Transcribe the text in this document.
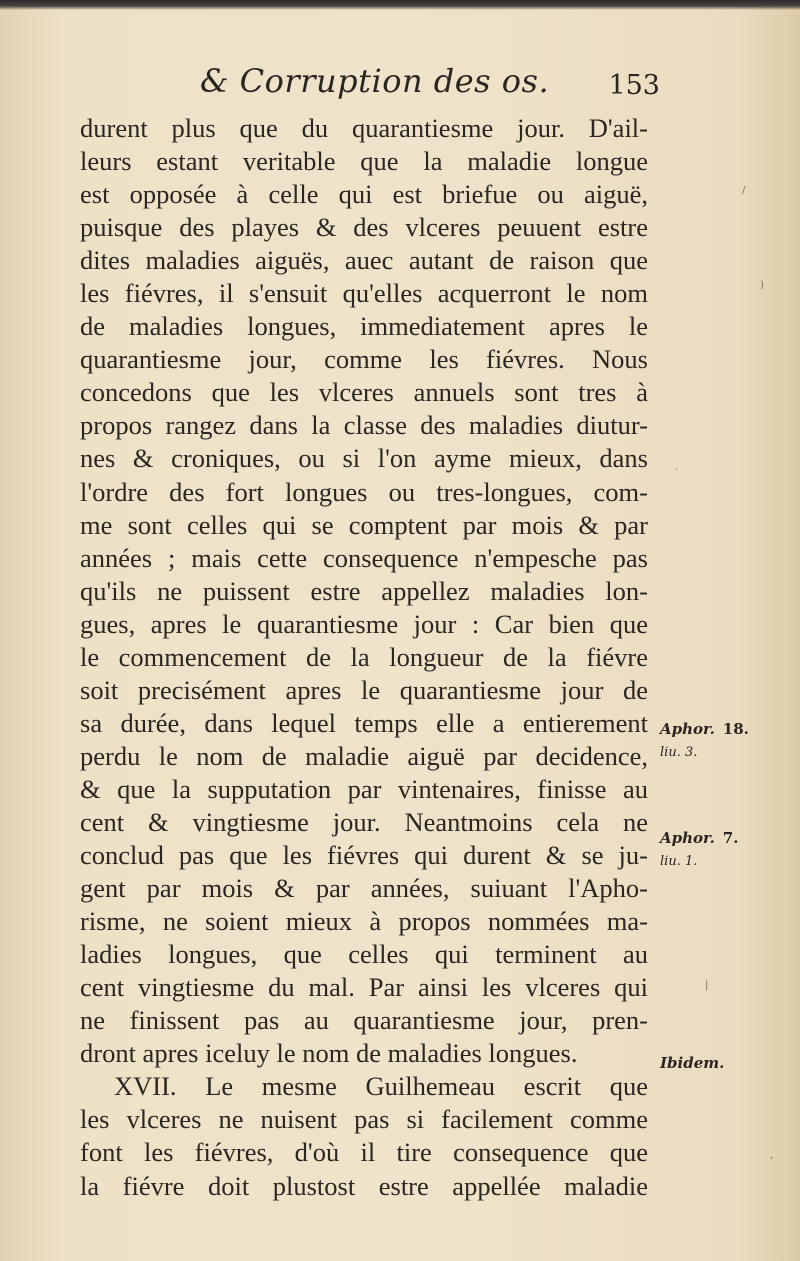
& Corruption des os. 153
durent plus que du quarantiesme jour. D'ail-
leurs estant veritable que la maladie longue
est opposée à celle qui est briefue ou aiguë,
puisque des playes & des vlceres peuuent estre
dites maladies aiguës, auec autant de raison que
les fiévres, il s'ensuit qu'elles acquerront le nom
de maladies longues, immediatement apres le
quarantiesme jour, comme les fiévres. Nous
concedons que les vlceres annuels sont tres à
propos rangez dans la classe des maladies diutur-
nes & croniques, ou si l'on ayme mieux, dans
l'ordre des fort longues ou tres-longues, com-
me sont celles qui se comptent par mois & par
années ; mais cette consequence n'empesche pas
qu'ils ne puissent estre appellez maladies lon-
gues, apres le quarantiesme jour : Car bien que
le commencement de la longueur de la fiévre
soit precisément apres le quarantiesme jour de
sa durée, dans lequel temps elle a entierement
perdu le nom de maladie aiguë par decidence,
& que la supputation par vintenaires, finisse au
cent & vingtiesme jour. Neantmoins cela ne
conclud pas que les fiévres qui durent & se ju-
gent par mois & par années, suiuant l'Apho-
risme, ne soient mieux à propos nommées ma-
ladies longues, que celles qui terminent au
cent vingtiesme du mal. Par ainsi les vlceres qui
ne finissent pas au quarantiesme jour, pren-
dront apres iceluy le nom de maladies longues.
XVII. Le mesme Guilhemeau escrit que
les vlceres ne nuisent pas si facilement comme
font les fiévres, d'où il tire consequence que
la fiévre doit plustost estre appellée maladie
Aphor. 18.
liu. 3.
Aphor. 7.
liu. 1.
Ibidem.
/
)
·
|
,
